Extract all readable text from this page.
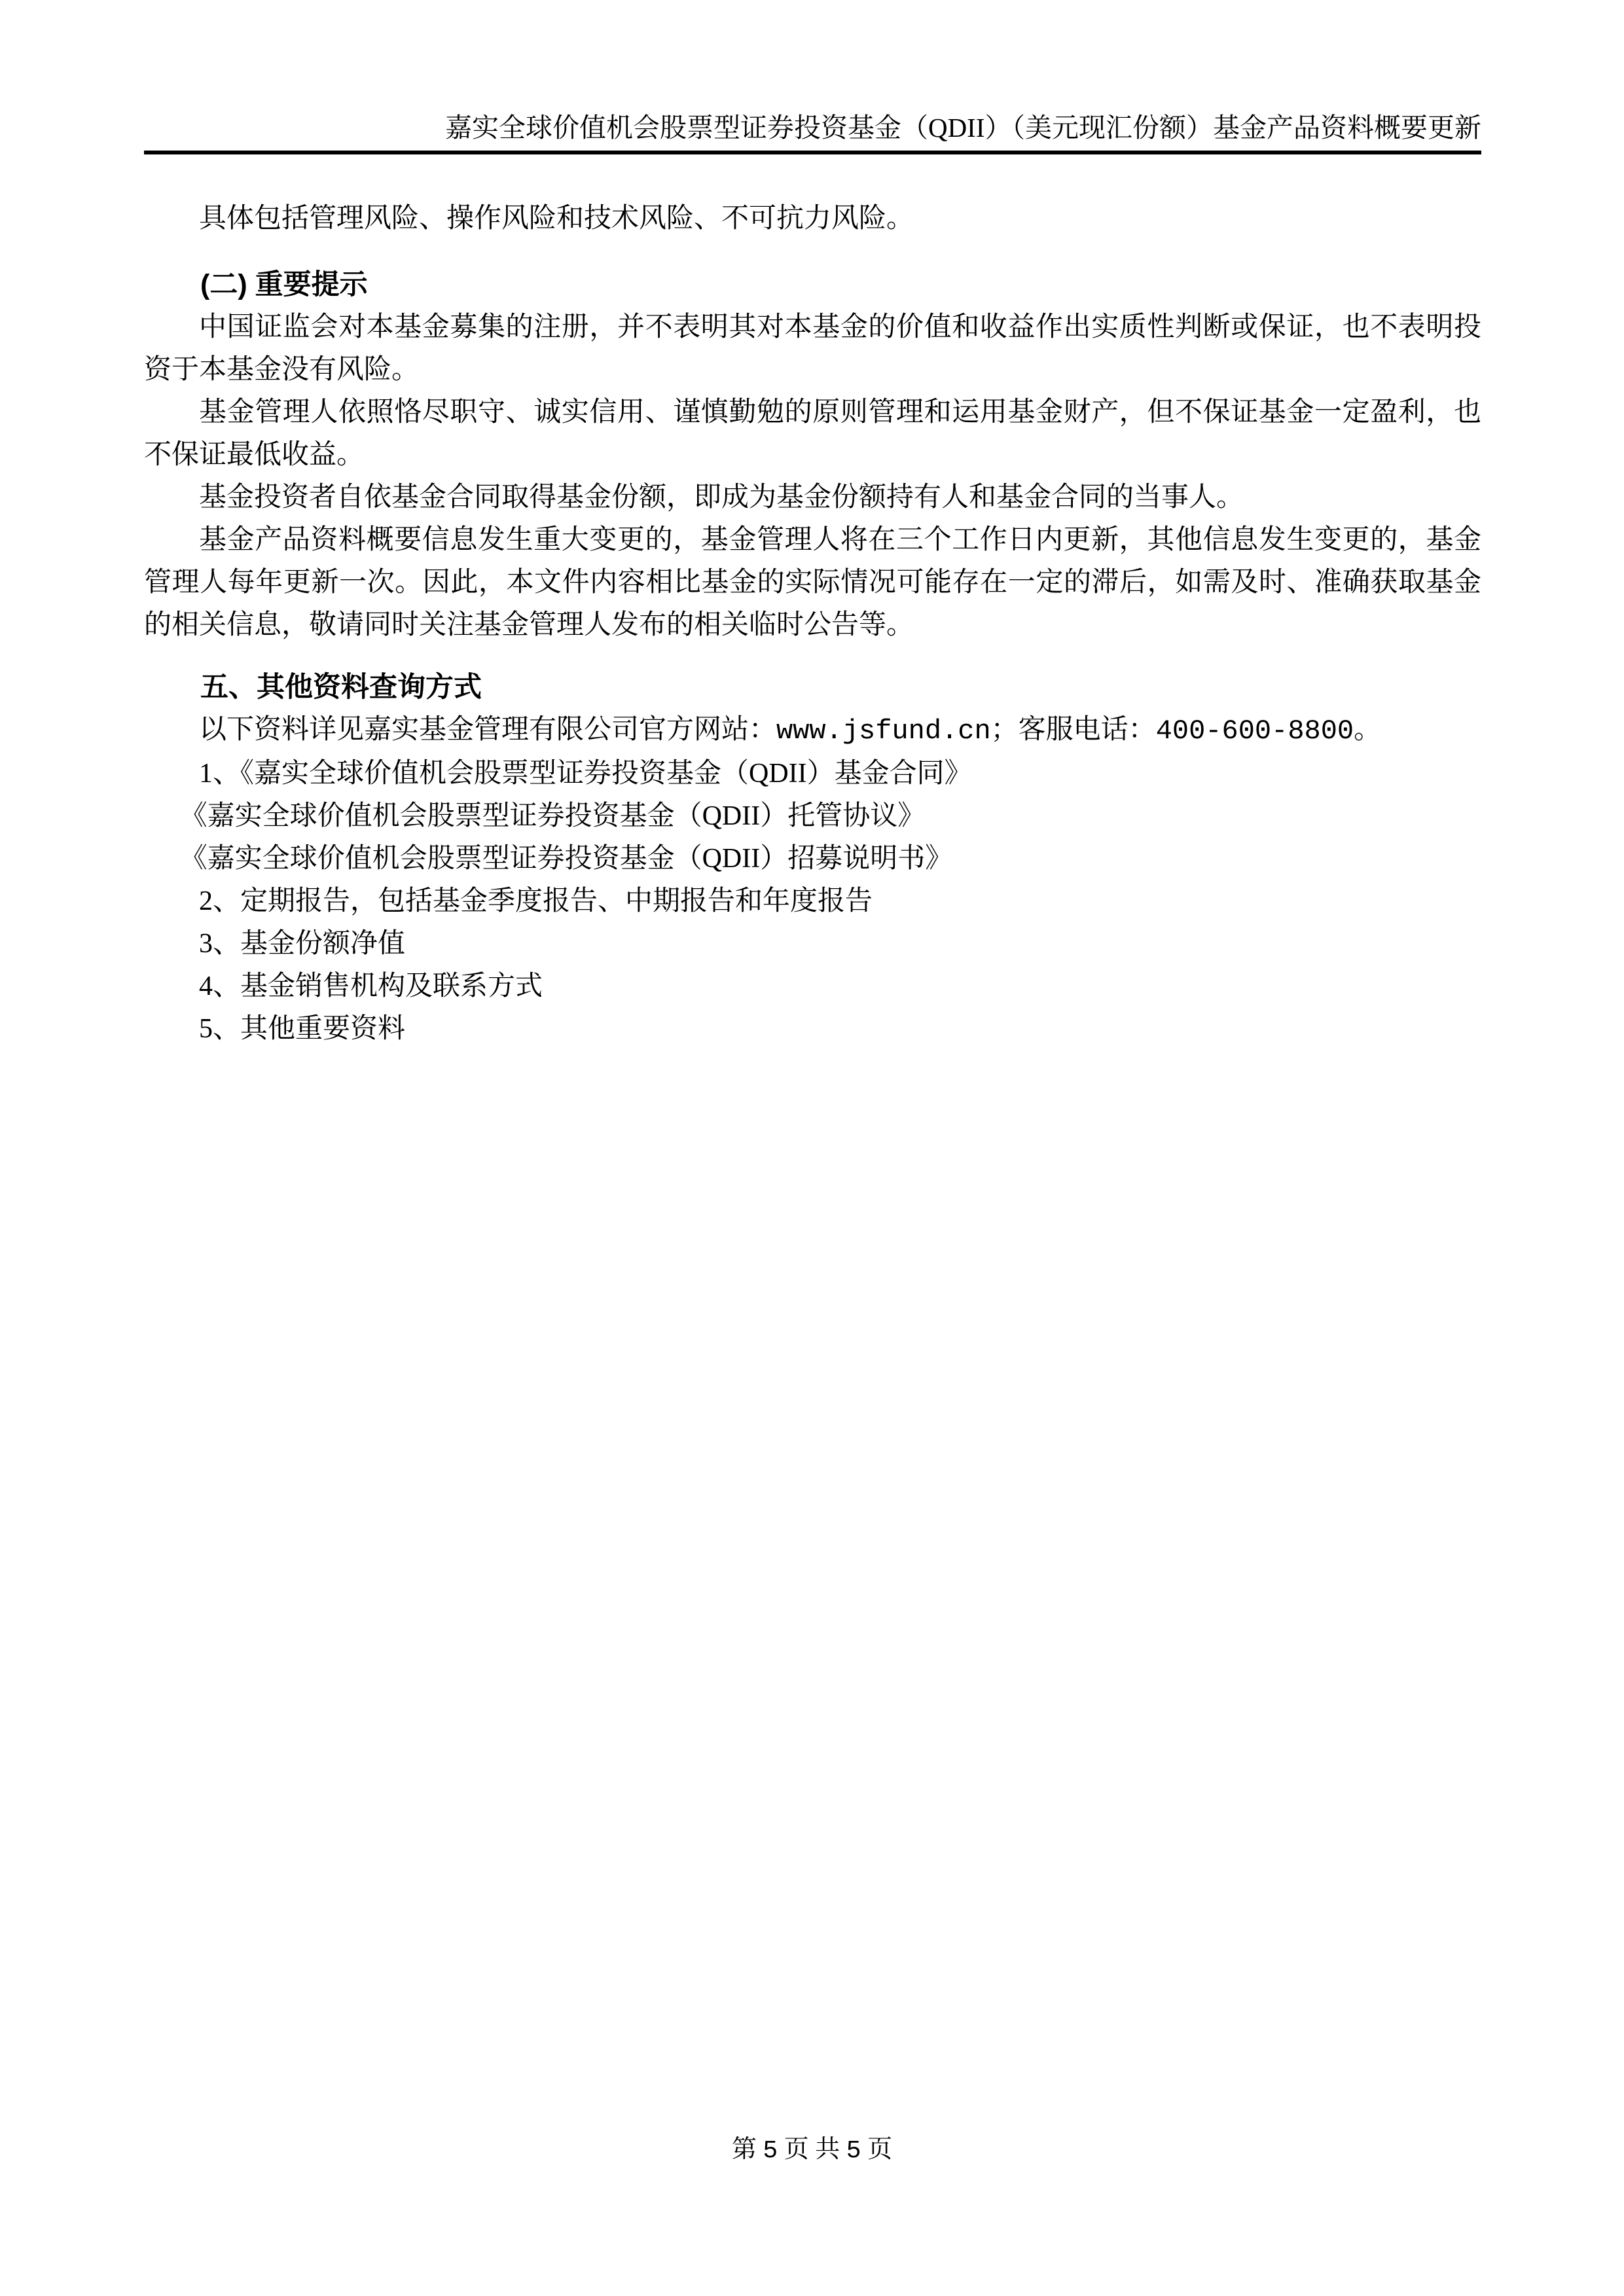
嘉实全球价值机会股票型证券投资基金（QDII）（美元现汇份额）基金产品资料概要更新

具体包括管理风险、操作风险和技术风险、不可抗力风险。

(二) 重要提示

中国证监会对本基金募集的注册，并不表明其对本基金的价值和收益作出实质性判断或保证，也不表明投资于本基金没有风险。

基金管理人依照恪尽职守、诚实信用、谨慎勤勉的原则管理和运用基金财产，但不保证基金一定盈利，也不保证最低收益。

基金投资者自依基金合同取得基金份额，即成为基金份额持有人和基金合同的当事人。

基金产品资料概要信息发生重大变更的，基金管理人将在三个工作日内更新，其他信息发生变更的，基金管理人每年更新一次。因此，本文件内容相比基金的实际情况可能存在一定的滞后，如需及时、准确获取基金的相关信息，敬请同时关注基金管理人发布的相关临时公告等。

五、其他资料查询方式

以下资料详见嘉实基金管理有限公司官方网站：www.jsfund.cn；客服电话：400-600-8800。

1、《嘉实全球价值机会股票型证券投资基金（QDII）基金合同》

《嘉实全球价值机会股票型证券投资基金（QDII）托管协议》

《嘉实全球价值机会股票型证券投资基金（QDII）招募说明书》

2、定期报告，包括基金季度报告、中期报告和年度报告

3、基金份额净值

4、基金销售机构及联系方式

5、其他重要资料

第 5 页 共 5 页
